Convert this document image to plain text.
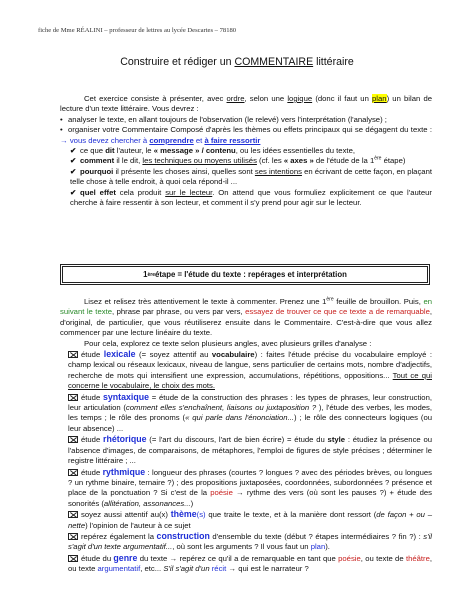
fiche de Mme RÉALINI – professeur de lettres au lycée Descartes – 78180
Construire et rédiger un COMMENTAIRE littéraire

Cet exercice consiste à présenter, avec ordre, selon une logique (donc il faut un plan) un bilan de lecture d'un texte littéraire. Vous devrez :

• analyser le texte, en allant toujours de l'observation (le relevé) vers l'interprétation (l'analyse) ;

• organiser votre Commentaire Composé d'après les thèmes ou effets principaux qui se dégagent du texte : → vous devez chercher à comprendre et à faire ressortir

✔ ce que dit l'auteur, le « message » / contenu, ou les idées essentielles du texte,

✔ comment il le dit, les techniques ou moyens utilisés (cf. les « axes » de l'étude de la 1ère étape)

✔ pourquoi il présente les choses ainsi, quelles sont ses intentions en écrivant de cette façon, en plaçant telle chose à telle endroit, à quoi cela répond-il ...

✔ quel effet cela produit sur le lecteur. On attend que vous formuliez explicitement ce que l'auteur cherche à faire ressentir à son lecteur, et comment il s'y prend pour agir sur le lecteur.

1 ère étape = l'étude du texte : repérages et interprétation

Lisez et relisez très attentivement le texte à commenter. Prenez une 1ère feuille de brouillon. Puis, en suivant le texte, phrase par phrase, ou vers par vers, essayez de trouver ce que ce texte a de remarquable, d'original, de particulier, que vous réutiliserez ensuite dans le Commentaire. C'est-à-dire que vous allez commencer par une lecture linéaire du texte.

Pour cela, explorez ce texte selon plusieurs angles, avec plusieurs grilles d'analyse :

étude lexicale (= soyez attentif au vocabulaire) : faites l'étude précise du vocabulaire employé : champ lexical ou réseaux lexicaux, niveau de langue, sens particulier de certains mots, nombre d'adjectifs, recherche de mots qui intensifient une expression, accumulations, répétitions, oppositions... Tout ce qui concerne le vocabulaire, le choix des mots.

étude syntaxique = étude de la construction des phrases : les types de phrases, leur construction, leur articulation (comment elles s'enchaînent, liaisons ou juxtaposition ? ), l'étude des verbes, les modes, les temps ; le rôle des pronoms (« qui parle dans l'énonciation...) ; le rôle des connecteurs logiques (ou leur absence) ...

étude rhétorique (= l'art du discours, l'art de bien écrire) = étude du style : étudiez la présence ou l'absence d'images, de comparaisons, de métaphores, l'emploi de figures de style précises ; déterminer le registre littéraire ; ...

étude rythmique : longueur des phrases (courtes ? longues ? avec des périodes brèves, ou longues ? un rythme binaire, ternaire ?) ; des propositions juxtaposées, coordonnées, subordonnées ? présence et place de la ponctuation ? Si c'est de la poésie → rythme des vers (où sont les pauses ?) + étude des sonorités (allitération, assonances...)

soyez aussi attentif au(x) thème(s) que traite le texte, et à la manière dont ressort (de façon + ou – nette) l'opinion de l'auteur à ce sujet

repérez également la construction d'ensemble du texte (début ? étapes intermédiaires ? fin ?) : s'il s'agit d'un texte argumentatif..., où sont les arguments ? Il vous faut un plan).

étude du genre du texte → repérez ce qu'il a de remarquable en tant que poésie, ou texte de théâtre, ou texte argumentatif, etc... S'il s'agit d'un récit → qui est le narrateur ?
